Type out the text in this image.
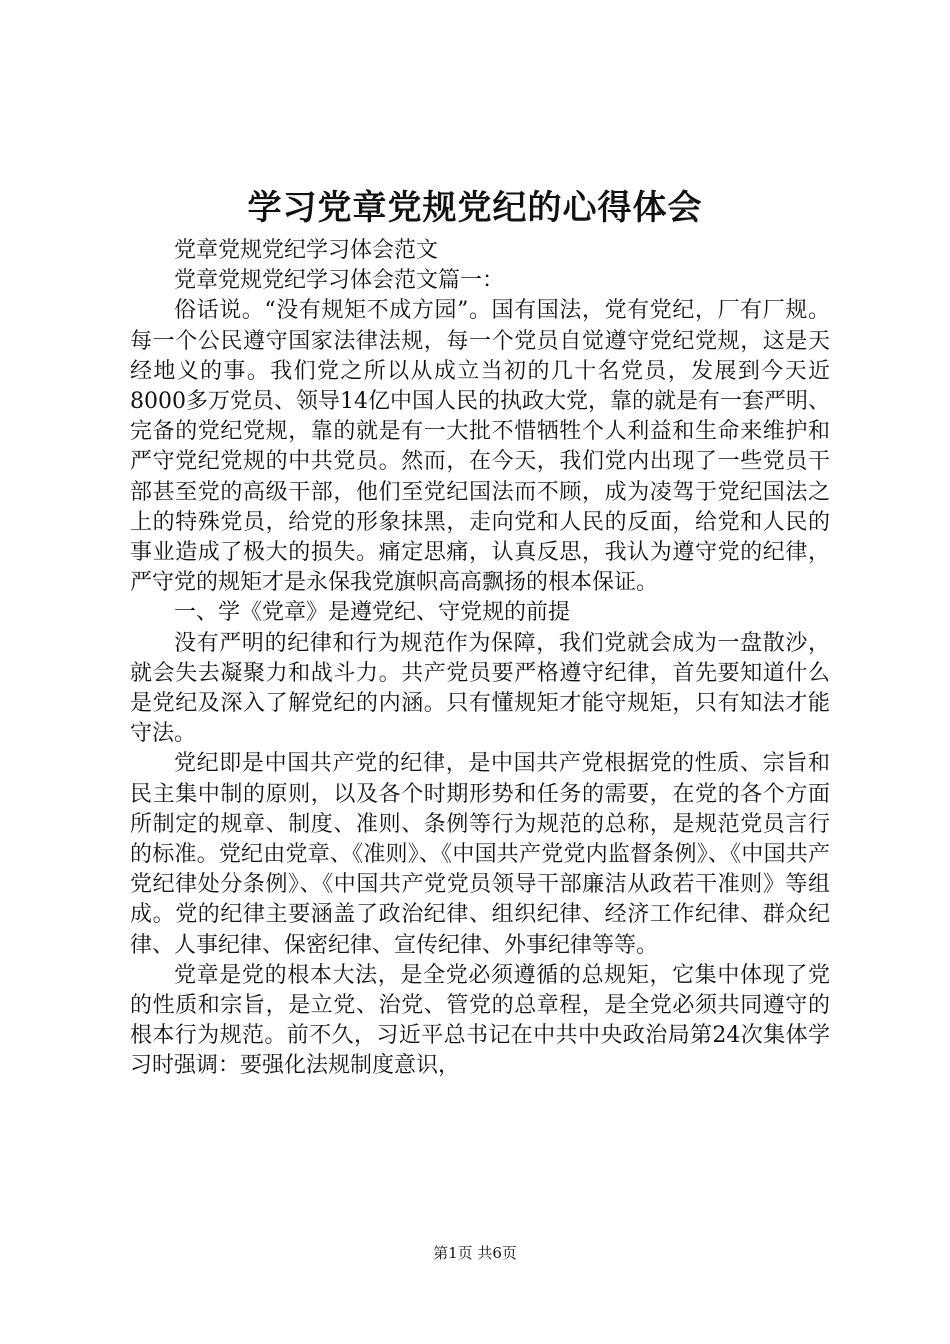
学习党章党规党纪的心得体会

党章党规党纪学习体会范文

党章党规党纪学习体会范文篇一：

俗话说。“没有规矩不成方园”。国有国法，党有党纪，厂有厂规。每一个公民遵守国家法律法规，每一个党员自觉遵守党纪党规，这是天经地义的事。我们党之所以从成立当初的几十名党员，发展到今天近8000多万党员、领导14亿中国人民的执政大党，靠的就是有一套严明、完备的党纪党规，靠的就是有一大批不惜牺牲个人利益和生命来维护和严守党纪党规的中共党员。然而，在今天，我们党内出现了一些党员干部甚至党的高级干部，他们至党纪国法而不顾，成为凌驾于党纪国法之上的特殊党员，给党的形象抹黑，走向党和人民的反面，给党和人民的事业造成了极大的损失。痛定思痛，认真反思，我认为遵守党的纪律，严守党的规矩才是永保我党旗帜高高飘扬的根本保证。

一、学《党章》是遵党纪、守党规的前提

没有严明的纪律和行为规范作为保障，我们党就会成为一盘散沙，就会失去凝聚力和战斗力。共产党员要严格遵守纪律，首先要知道什么是党纪及深入了解党纪的内涵。只有懂规矩才能守规矩，只有知法才能守法。

党纪即是中国共产党的纪律，是中国共产党根据党的性质、宗旨和民主集中制的原则，以及各个时期形势和任务的需要，在党的各个方面所制定的规章、制度、准则、条例等行为规范的总称，是规范党员言行的标准。党纪由党章、《准则》、《中国共产党党内监督条例》、《中国共产党纪律处分条例》、《中国共产党党员领导干部廉洁从政若干准则》等组成。党的纪律主要涵盖了政治纪律、组织纪律、经济工作纪律、群众纪律、人事纪律、保密纪律、宣传纪律、外事纪律等等。

党章是党的根本大法，是全党必须遵循的总规矩，它集中体现了党的性质和宗旨，是立党、治党、管党的总章程，是全党必须共同遵守的根本行为规范。前不久，习近平总书记在中共中央政治局第24次集体学习时强调：要强化法规制度意识，

第1页 共6页
